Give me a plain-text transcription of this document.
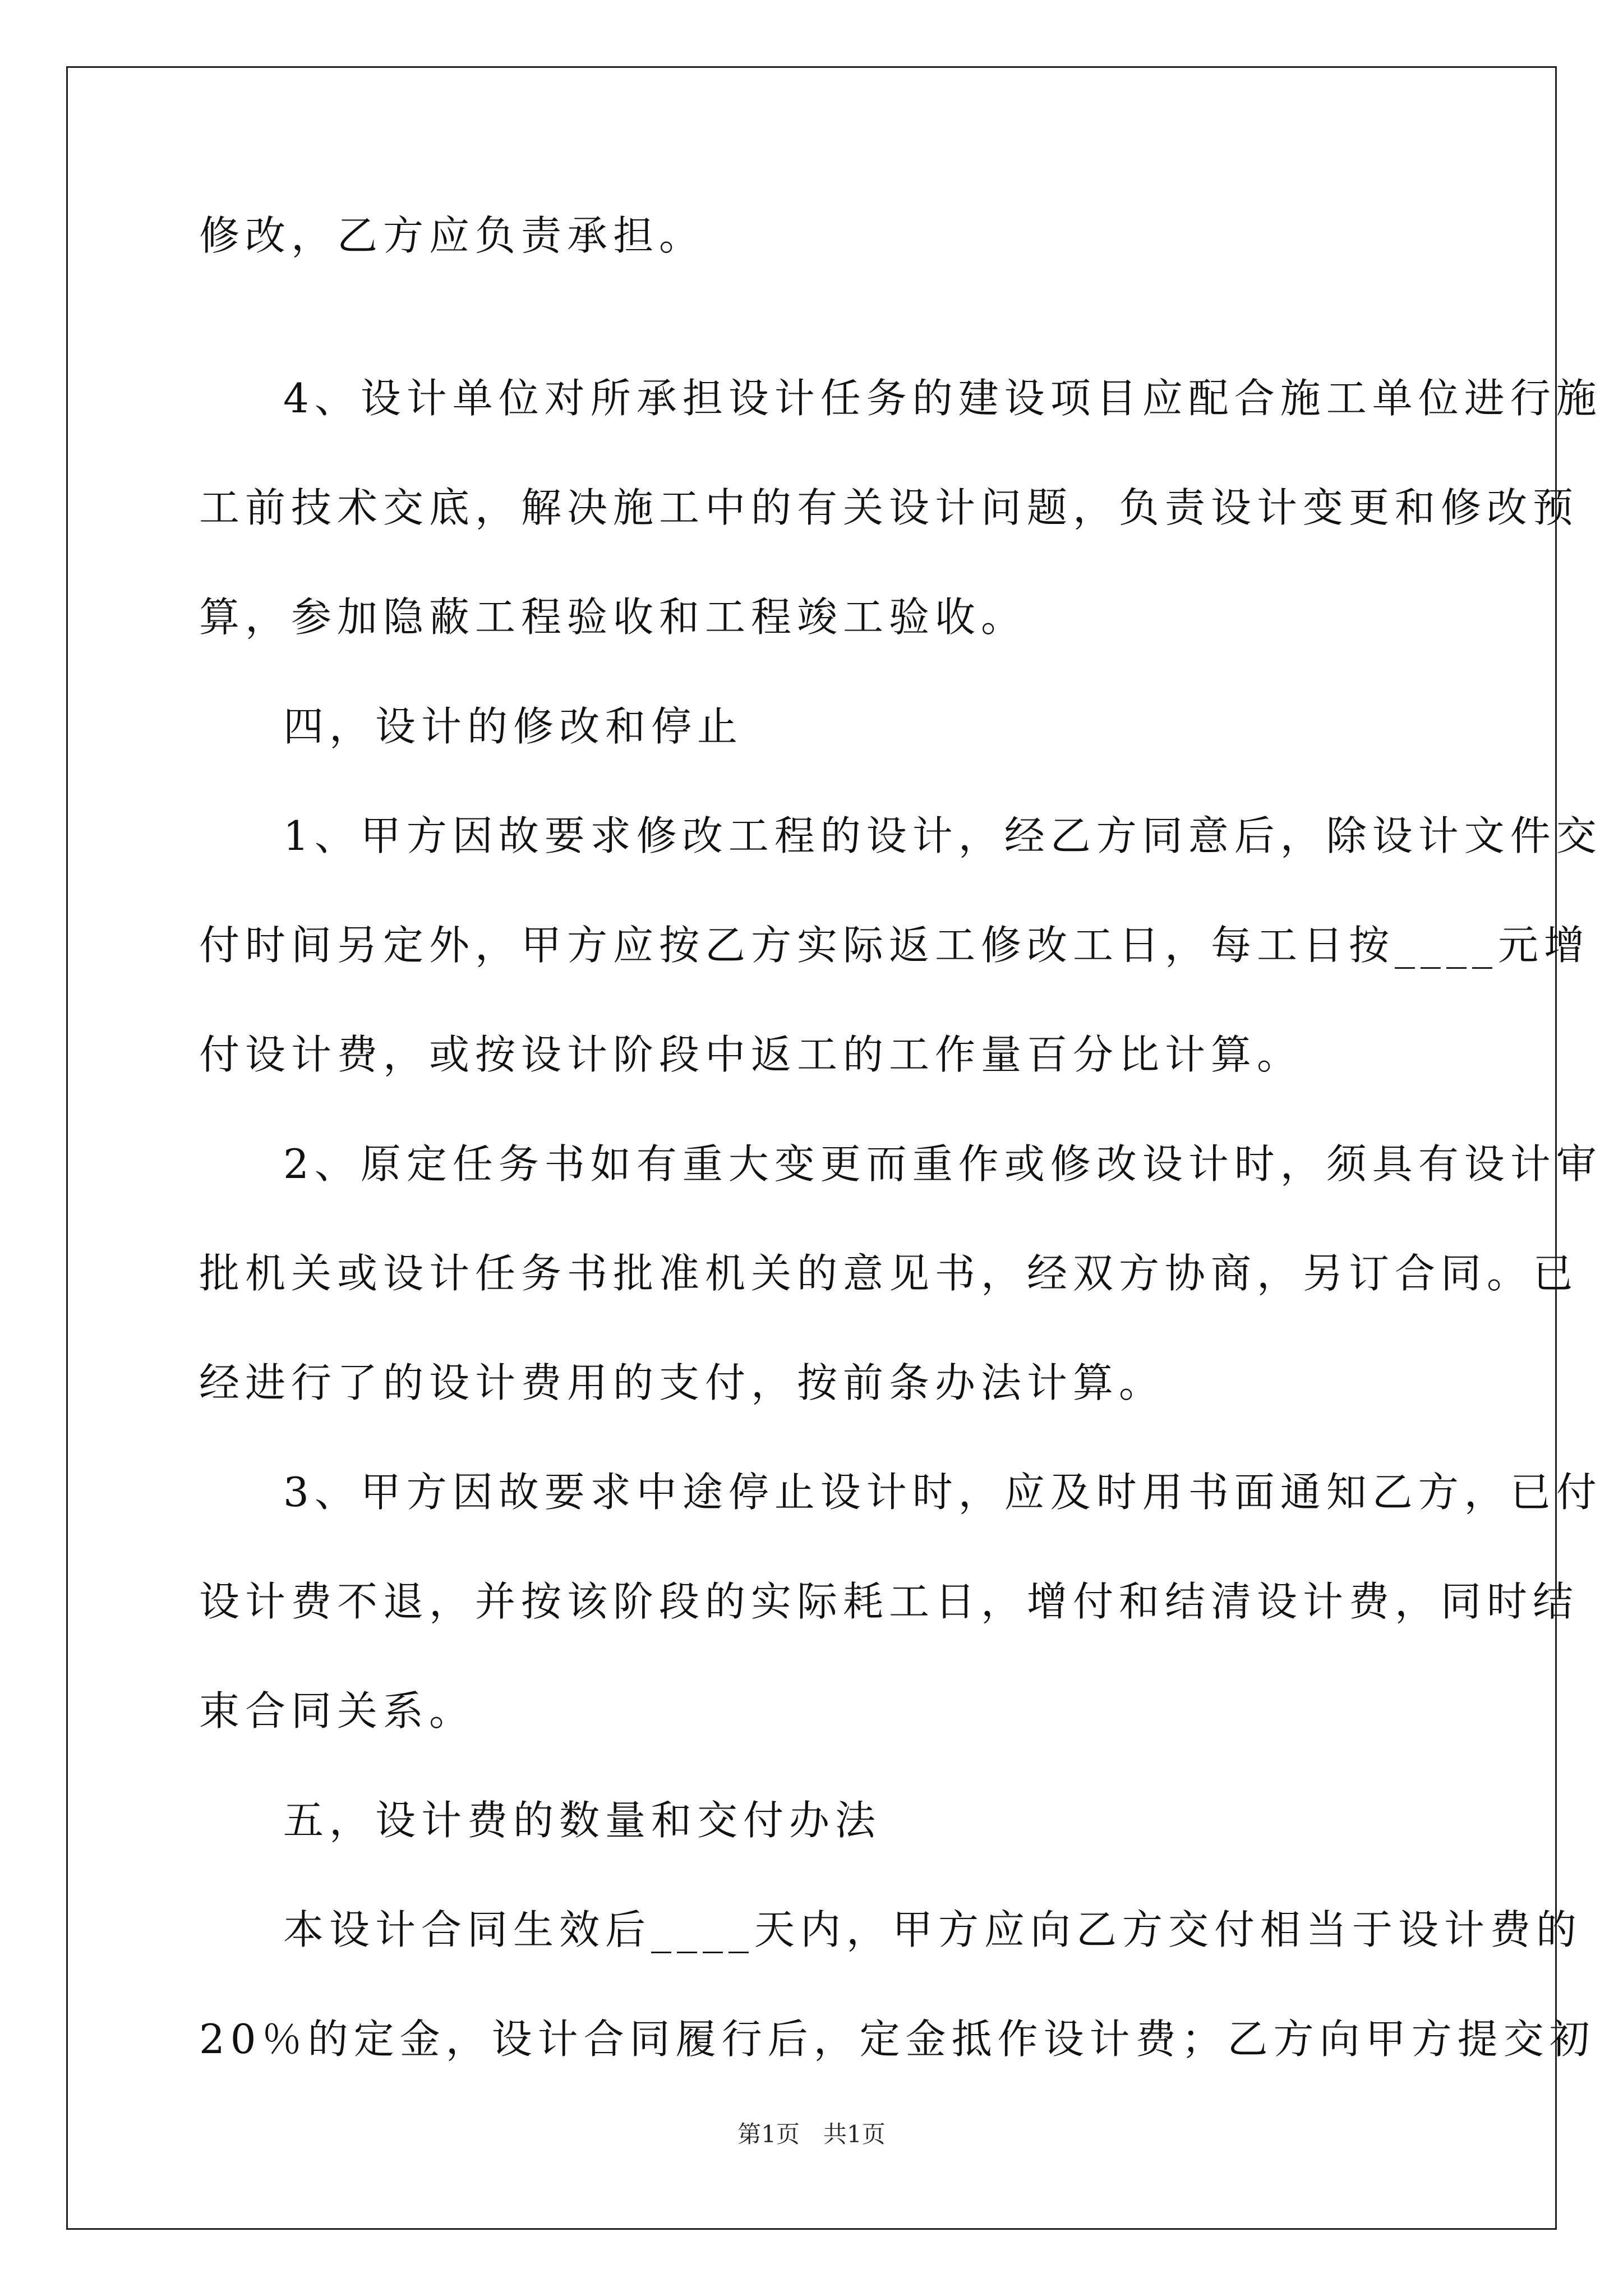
修改，乙方应负责承担。
4、设计单位对所承担设计任务的建设项目应配合施工单位进行施
工前技术交底，解决施工中的有关设计问题，负责设计变更和修改预
算，参加隐蔽工程验收和工程竣工验收。
四，设计的修改和停止
1、甲方因故要求修改工程的设计，经乙方同意后，除设计文件交
付时间另定外，甲方应按乙方实际返工修改工日，每工日按____元增
付设计费，或按设计阶段中返工的工作量百分比计算。
2、原定任务书如有重大变更而重作或修改设计时，须具有设计审
批机关或设计任务书批准机关的意见书，经双方协商，另订合同。已
经进行了的设计费用的支付，按前条办法计算。
3、甲方因故要求中途停止设计时，应及时用书面通知乙方，已付
设计费不退，并按该阶段的实际耗工日，增付和结清设计费，同时结
束合同关系。
五，设计费的数量和交付办法
本设计合同生效后____天内，甲方应向乙方交付相当于设计费的
20％的定金，设计合同履行后，定金抵作设计费；乙方向甲方提交初
第1页　共1页
